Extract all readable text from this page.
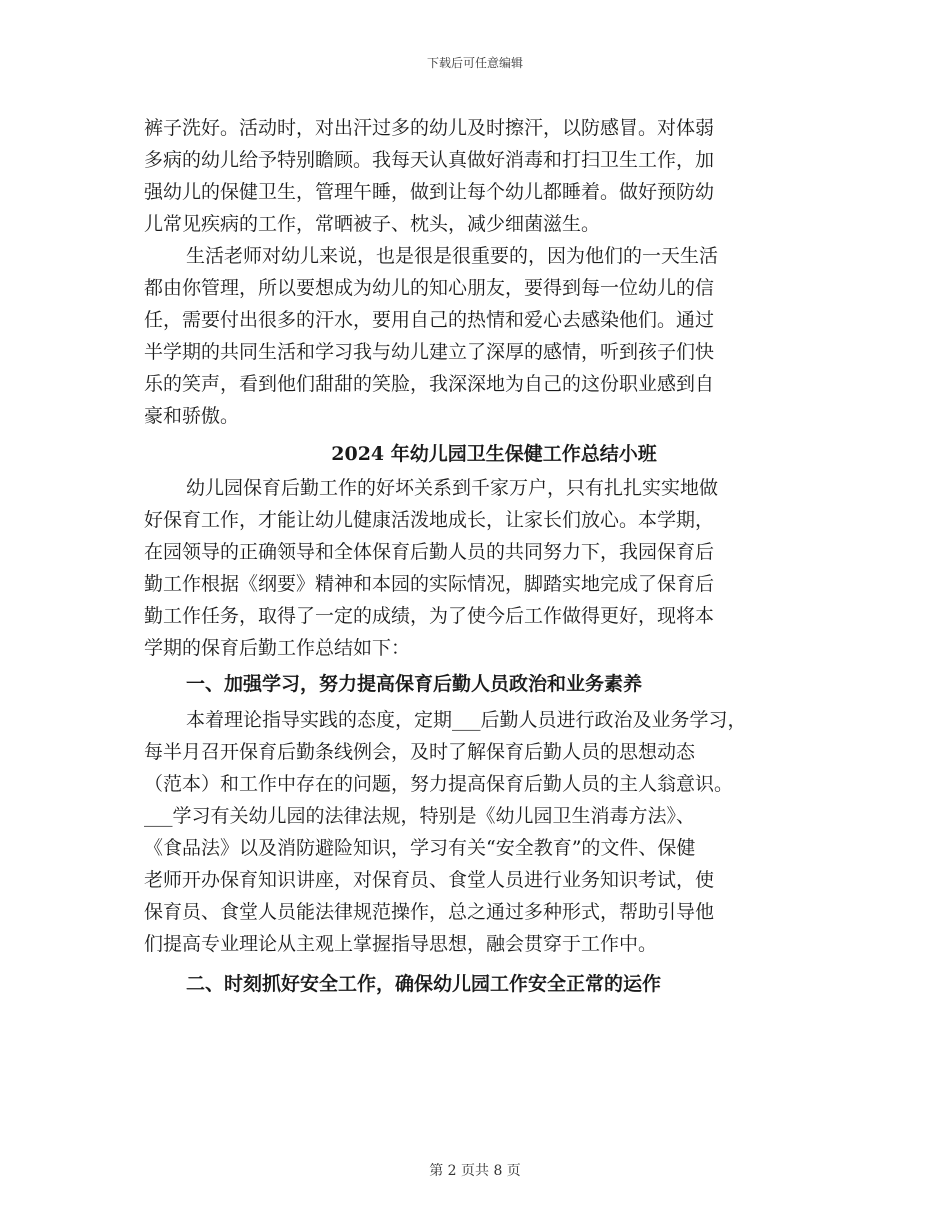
下载后可任意编辑
裤子洗好。活动时，对出汗过多的幼儿及时擦汗，以防感冒。对体弱
多病的幼儿给予特别瞻顾。我每天认真做好消毒和打扫卫生工作，加
强幼儿的保健卫生，管理午睡，做到让每个幼儿都睡着。做好预防幼
儿常见疾病的工作，常晒被子、枕头，减少细菌滋生。
生活老师对幼儿来说，也是很是很重要的，因为他们的一天生活
都由你管理，所以要想成为幼儿的知心朋友，要得到每一位幼儿的信
任，需要付出很多的汗水，要用自己的热情和爱心去感染他们。通过
半学期的共同生活和学习我与幼儿建立了深厚的感情，听到孩子们快
乐的笑声，看到他们甜甜的笑脸，我深深地为自己的这份职业感到自
豪和骄傲。
2024 年幼儿园卫生保健工作总结小班
幼儿园保育后勤工作的好坏关系到千家万户，只有扎扎实实地做
好保育工作，才能让幼儿健康活泼地成长，让家长们放心。本学期，
在园领导的正确领导和全体保育后勤人员的共同努力下，我园保育后
勤工作根据《纲要》精神和本园的实际情况，脚踏实地完成了保育后
勤工作任务，取得了一定的成绩，为了使今后工作做得更好，现将本
学期的保育后勤工作总结如下：
一、加强学习，努力提高保育后勤人员政治和业务素养
本着理论指导实践的态度，定期___后勤人员进行政治及业务学习，
每半月召开保育后勤条线例会，及时了解保育后勤人员的思想动态
（范本）和工作中存在的问题，努力提高保育后勤人员的主人翁意识。
___学习有关幼儿园的法律法规，特别是《幼儿园卫生消毒方法》、
《食品法》以及消防避险知识，学习有关“安全教育”的文件、保健
老师开办保育知识讲座，对保育员、食堂人员进行业务知识考试，使
保育员、食堂人员能法律规范操作，总之通过多种形式，帮助引导他
们提高专业理论从主观上掌握指导思想，融会贯穿于工作中。
二、时刻抓好安全工作，确保幼儿园工作安全正常的运作
第 2 页共 8 页
